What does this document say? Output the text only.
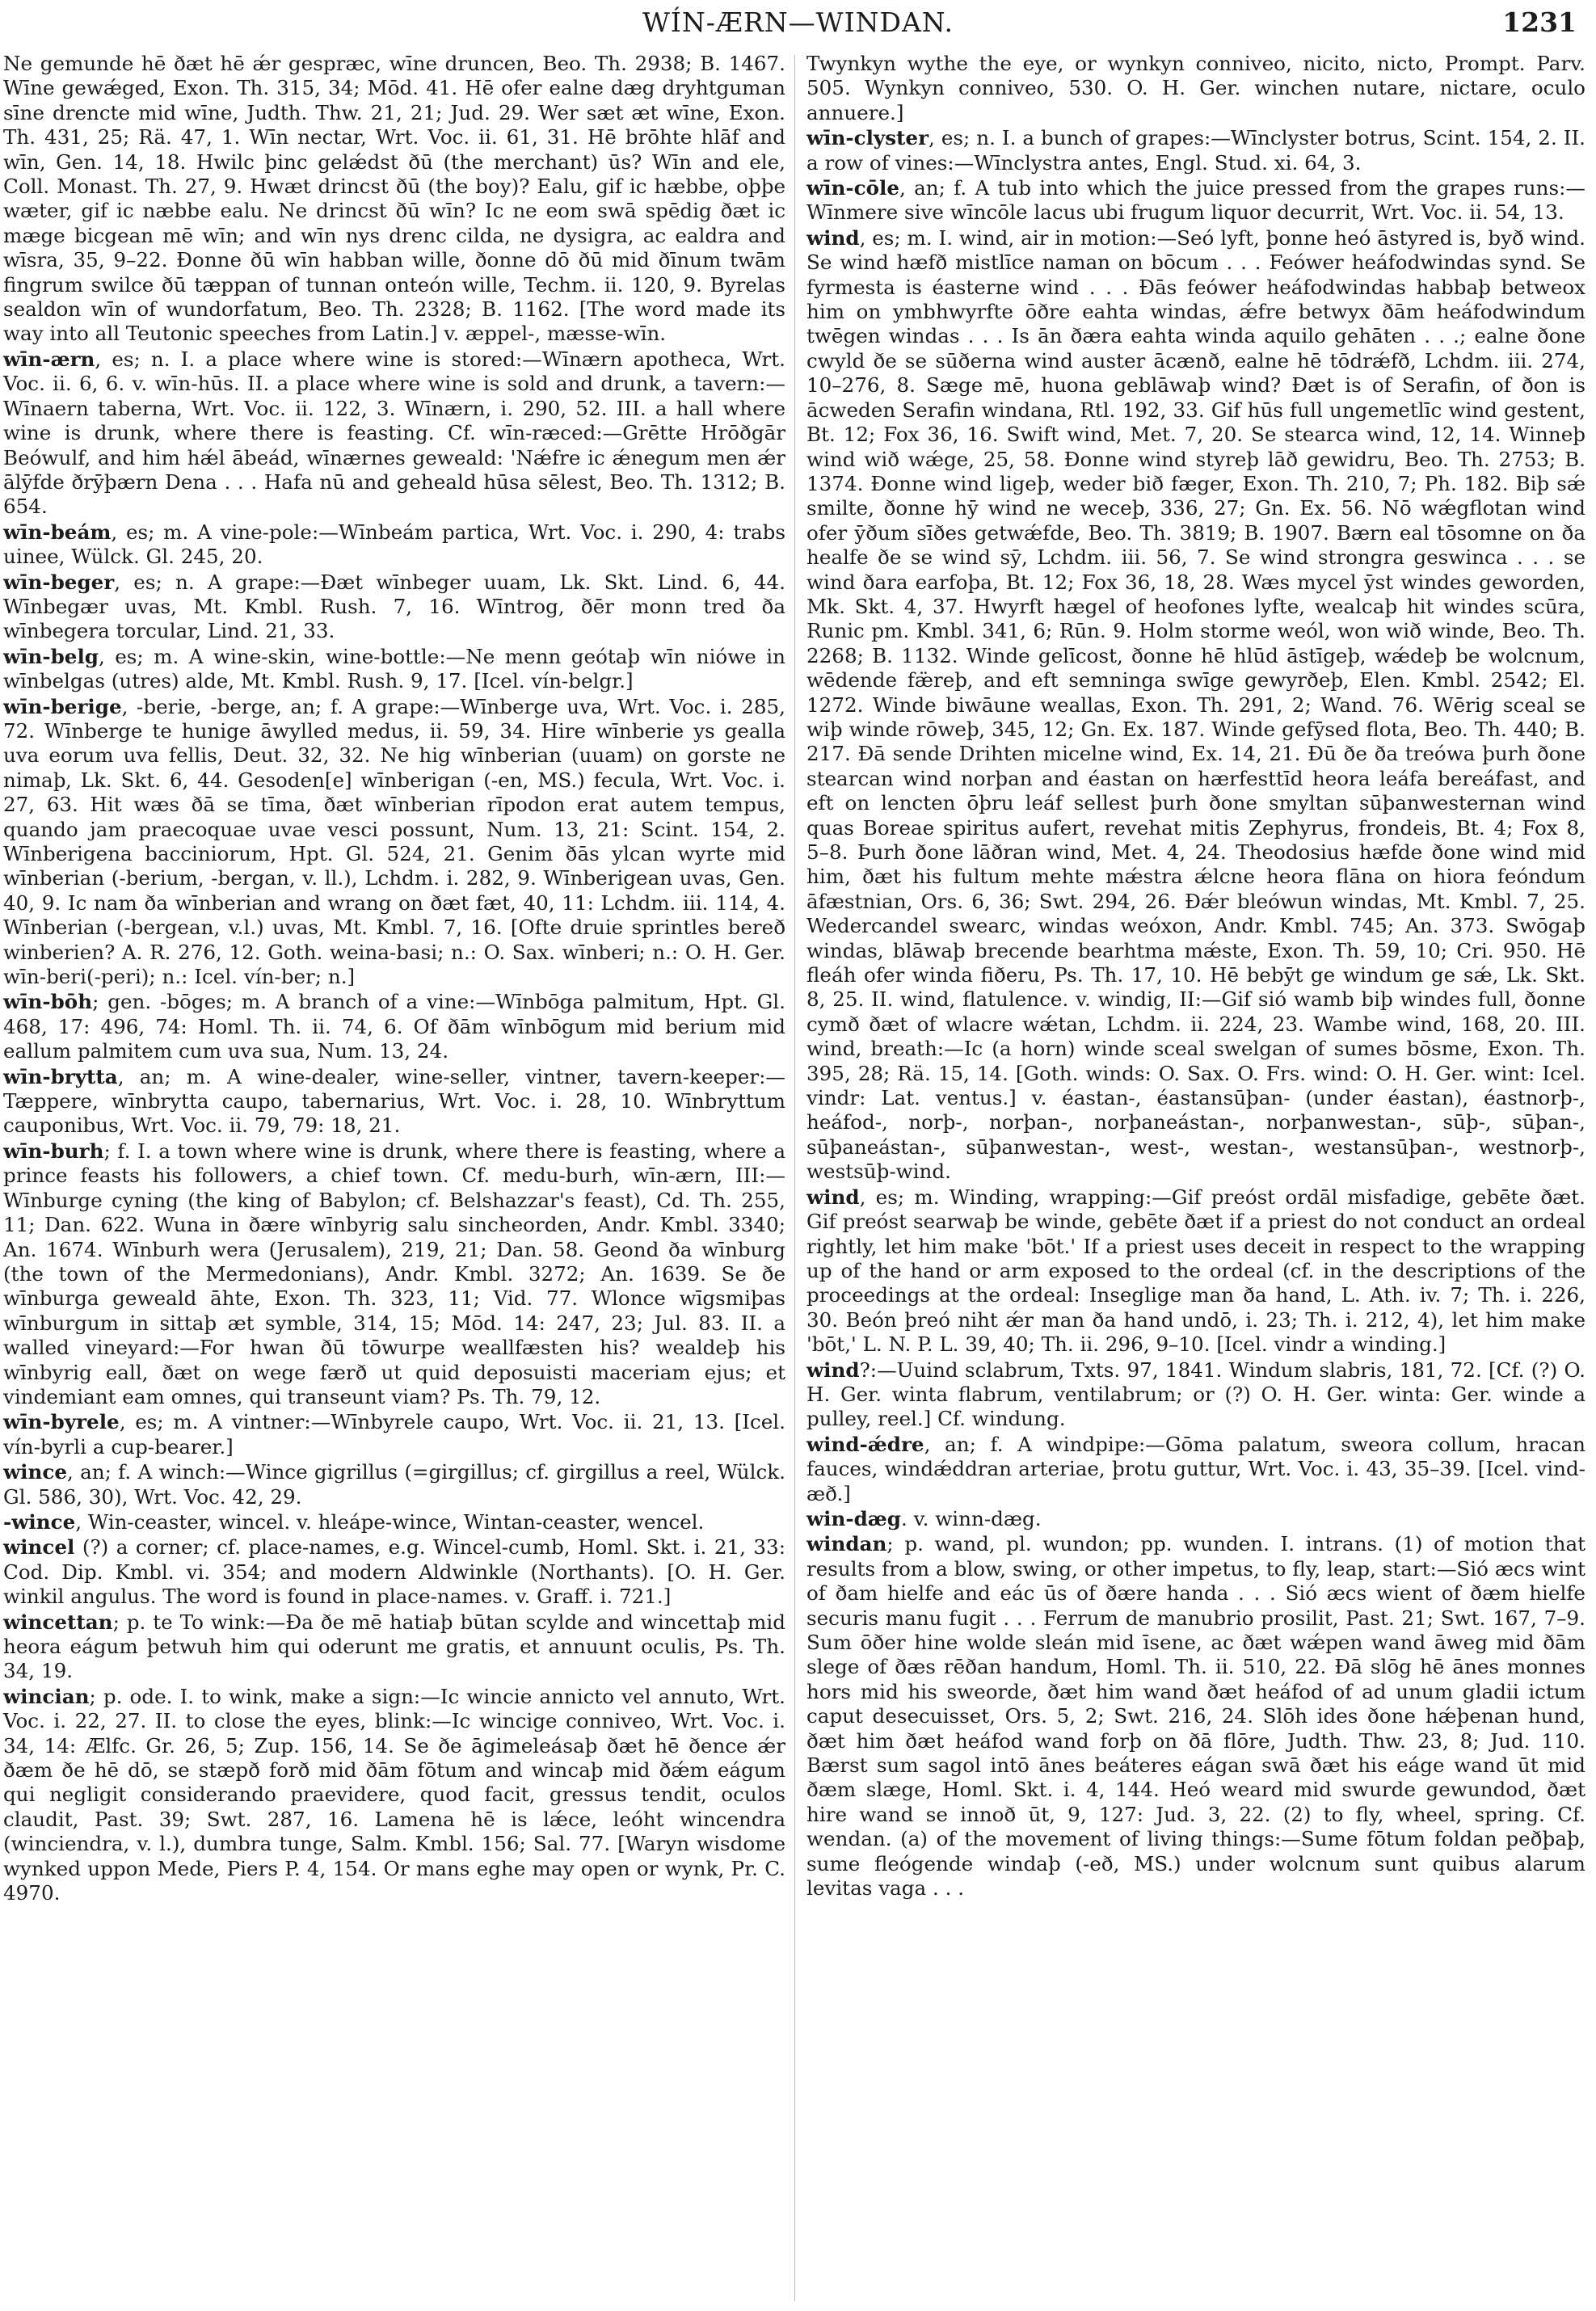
WÍN-ÆRN—WINDAN.	1231
Ne gemunde hē ðæt hē ǽr gespræc, wīne druncen, Beo. Th. 2938; B. 1467. Wīne gewǽged, Exon. Th. 315, 34; Mōd. 41. Hē ofer ealne dæg dryhtguman sīne drencte mid wīne, Judth. Thw. 21, 21; Jud. 29. Wer sæt æt wīne, Exon. Th. 431, 25; Rä. 47, 1. Wīn nectar, Wrt. Voc. ii. 61, 31. Hē brōhte hlāf and wīn, Gen. 14, 18. Hwilc þinc gelǽdst ðū (the merchant) ūs? Wīn and ele, Coll. Monast. Th. 27, 9. Hwæt drincst ðū (the boy)? Ealu, gif ic hæbbe, oþþe wæter, gif ic næbbe ealu. Ne drincst ðū wīn? Ic ne eom swā spēdig ðæt ic mæge bicgean mē wīn; and wīn nys drenc cilda, ne dysigra, ac ealdra and wīsra, 35, 9–22. Ðonne ðū wīn habban wille, ðonne dō ðū mid ðīnum twām fingrum swilce ðū tæppan of tunnan onteón wille, Techm. ii. 120, 9. Byrelas sealdon wīn of wundorfatum, Beo. Th. 2328; B. 1162. [The word made its way into all Teutonic speeches from Latin.] v. æppel-, mæsse-wīn.
wīn-ærn, es; n. I. a place where wine is stored:—Wīnærn apotheca, Wrt. Voc. ii. 6, 6. v. wīn-hūs. II. a place where wine is sold and drunk, a tavern:—Wīnaern taberna, Wrt. Voc. ii. 122, 3. Wīnærn, i. 290, 52. III. a hall where wine is drunk, where there is feasting. Cf. wīn-ræced:—Grētte Hrōðgār Beówulf, and him hǽl ābeád, wīnærnes geweald: 'Nǽfre ic ǽnegum men ǽr ālȳfde ðrȳþærn Dena . . . Hafa nū and geheald hūsa sēlest, Beo. Th. 1312; B. 654.
wīn-beám, es; m. A vine-pole:—Wīnbeám partica, Wrt. Voc. i. 290, 4: trabs uinee, Wülck. Gl. 245, 20.
wīn-beger, es; n. A grape:—Ðæt wīnbeger uuam, Lk. Skt. Lind. 6, 44. Wīnbegær uvas, Mt. Kmbl. Rush. 7, 16. Wīntrog, ðēr monn tred ða wīnbegera torcular, Lind. 21, 33.
wīn-belg, es; m. A wine-skin, wine-bottle:—Ne menn geótaþ wīn niówe in wīnbelgas (utres) alde, Mt. Kmbl. Rush. 9, 17. [Icel. vín-belgr.]
wīn-berige, -berie, -berge, an; f. A grape:—Wīnberge uva, Wrt. Voc. i. 285, 72. Wīnberge te hunige āwylled medus, ii. 59, 34. Hire wīnberie ys gealla uva eorum uva fellis, Deut. 32, 32. Ne hig wīnberian (uuam) on gorste ne nimaþ, Lk. Skt. 6, 44. Gesoden[e] wīnberigan (-en, MS.) fecula, Wrt. Voc. i. 27, 63. Hit wæs ðā se tīma, ðæt wīnberian rīpodon erat autem tempus, quando jam praecoquae uvae vesci possunt, Num. 13, 21: Scint. 154, 2. Wīnberigena bacciniorum, Hpt. Gl. 524, 21. Genim ðās ylcan wyrte mid wīnberian (-berium, -bergan, v. ll.), Lchdm. i. 282, 9. Wīnberigean uvas, Gen. 40, 9. Ic nam ða wīnberian and wrang on ðæt fæt, 40, 11: Lchdm. iii. 114, 4. Wīnberian (-bergean, v.l.) uvas, Mt. Kmbl. 7, 16. [Ofte druie sprintles bereð winberien? A. R. 276, 12. Goth. weina-basi; n.: O. Sax. wīnberi; n.: O. H. Ger. wīn-beri(-peri); n.: Icel. vín-ber; n.]
wīn-bōh; gen. -bōges; m. A branch of a vine:—Wīnbōga palmitum, Hpt. Gl. 468, 17: 496, 74: Homl. Th. ii. 74, 6. Of ðām wīnbōgum mid berium mid eallum palmitem cum uva sua, Num. 13, 24.
wīn-brytta, an; m. A wine-dealer, wine-seller, vintner, tavern-keeper:—Tæppere, wīnbrytta caupo, tabernarius, Wrt. Voc. i. 28, 10. Wīnbryttum cauponibus, Wrt. Voc. ii. 79, 79: 18, 21.
wīn-burh; f. I. a town where wine is drunk, where there is feasting, where a prince feasts his followers, a chief town. Cf. medu-burh, wīn-ærn, III:—Wīnburge cyning (the king of Babylon; cf. Belshazzar's feast), Cd. Th. 255, 11; Dan. 622. Wuna in ðære wīnbyrig salu sincheorden, Andr. Kmbl. 3340; An. 1674. Wīnburh wera (Jerusalem), 219, 21; Dan. 58. Geond ða wīnburg (the town of the Mermedonians), Andr. Kmbl. 3272; An. 1639. Se ðe wīnburga geweald āhte, Exon. Th. 323, 11; Vid. 77. Wlonce wīgsmiþas wīnburgum in sittaþ æt symble, 314, 15; Mōd. 14: 247, 23; Jul. 83. II. a walled vineyard:—For hwan ðū tōwurpe weallfæsten his? wealdeþ his wīnbyrig eall, ðæt on wege færð ut quid deposuisti maceriam ejus; et vindemiant eam omnes, qui transeunt viam? Ps. Th. 79, 12.
wīn-byrele, es; m. A vintner:—Wīnbyrele caupo, Wrt. Voc. ii. 21, 13. [Icel. vín-byrli a cup-bearer.]
wince, an; f. A winch:—Wince gigrillus (=girgillus; cf. girgillus a reel, Wülck. Gl. 586, 30), Wrt. Voc. 42, 29.
-wince, Win-ceaster, wincel. v. hleápe-wince, Wintan-ceaster, wencel.
wincel (?) a corner; cf. place-names, e.g. Wincel-cumb, Homl. Skt. i. 21, 33: Cod. Dip. Kmbl. vi. 354; and modern Aldwinkle (Northants). [O. H. Ger. winkil angulus. The word is found in place-names. v. Graff. i. 721.]
wincettan; p. te To wink:—Ða ðe mē hatiaþ būtan scylde and wincettaþ mid heora eágum þetwuh him qui oderunt me gratis, et annuunt oculis, Ps. Th. 34, 19.
wincian; p. ode. I. to wink, make a sign:—Ic wincie annicto vel annuto, Wrt. Voc. i. 22, 27. II. to close the eyes, blink:—Ic wincige conniveo, Wrt. Voc. i. 34, 14: Ælfc. Gr. 26, 5; Zup. 156, 14. Se ðe āgimeleásaþ ðæt hē ðence ǽr ðæm ðe hē dō, se stæpð forð mid ðām fōtum and wincaþ mid ðǽm eágum qui negligit considerando praevidere, quod facit, gressus tendit, oculos claudit, Past. 39; Swt. 287, 16. Lamena hē is lǽce, leóht wincendra (winciendra, v. l.), dumbra tunge, Salm. Kmbl. 156; Sal. 77. [Waryn wisdome wynked uppon Mede, Piers P. 4, 154. Or mans eghe may open or wynk, Pr. C. 4970.
Twynkyn wythe the eye, or wynkyn conniveo, nicito, nicto, Prompt. Parv. 505. Wynkyn conniveo, 530. O. H. Ger. winchen nutare, nictare, oculo annuere.]
wīn-clyster, es; n. I. a bunch of grapes:—Wīnclyster botrus, Scint. 154, 2. II. a row of vines:—Wīnclystra antes, Engl. Stud. xi. 64, 3.
wīn-cōle, an; f. A tub into which the juice pressed from the grapes runs:—Wīnmere sive wīncōle lacus ubi frugum liquor decurrit, Wrt. Voc. ii. 54, 13.
wind, es; m. I. wind, air in motion:—Seó lyft, þonne heó āstyred is, byð wind. Se wind hæfð mistlīce naman on bōcum . . . Feówer heáfodwindas synd. Se fyrmesta is éasterne wind . . . Ðās feówer heáfodwindas habbaþ betweox him on ymbhwyrfte ōðre eahta windas, ǽfre betwyx ðām heáfodwindum twēgen windas . . . Is ān ðæra eahta winda aquilo gehāten . . .; ealne ðone cwyld ðe se sūðerna wind auster ācænð, ealne hē tōdrǽfð, Lchdm. iii. 274, 10–276, 8. Sæge mē, huona geblāwaþ wind? Ðæt is of Serafin, of ðon is ācweden Serafin windana, Rtl. 192, 33. Gif hūs full ungemetlīc wind gestent, Bt. 12; Fox 36, 16. Swift wind, Met. 7, 20. Se stearca wind, 12, 14. Winneþ wind wið wǽge, 25, 58. Ðonne wind styreþ lāð gewidru, Beo. Th. 2753; B. 1374. Ðonne wind ligeþ, weder bið fæger, Exon. Th. 210, 7; Ph. 182. Biþ sǽ smilte, ðonne hȳ wind ne weceþ, 336, 27; Gn. Ex. 56. Nō wǽgflotan wind ofer ȳðum sīðes getwǽfde, Beo. Th. 3819; B. 1907. Bærn eal tōsomne on ða healfe ðe se wind sȳ, Lchdm. iii. 56, 7. Se wind strongra geswinca . . . se wind ðara earfoþa, Bt. 12; Fox 36, 18, 28. Wæs mycel ȳst windes geworden, Mk. Skt. 4, 37. Hwyrft hægel of heofones lyfte, wealcaþ hit windes scūra, Runic pm. Kmbl. 341, 6; Rūn. 9. Holm storme weól, won wið winde, Beo. Th. 2268; B. 1132. Winde gelīcost, ðonne hē hlūd āstīgeþ, wǽdeþ be wolcnum, wēdende fæ̈reþ, and eft semninga swīge gewyrðeþ, Elen. Kmbl. 2542; El. 1272. Winde biwāune weallas, Exon. Th. 291, 2; Wand. 76. Wērig sceal se wiþ winde rōweþ, 345, 12; Gn. Ex. 187. Winde gefȳsed flota, Beo. Th. 440; B. 217. Ðā sende Drihten micelne wind, Ex. 14, 21. Ðū ðe ða treówa þurh ðone stearcan wind norþan and éastan on hærfesttīd heora leáfa bereáfast, and eft on lencten ōþru leáf sellest þurh ðone smyltan sūþanwesternan wind quas Boreae spiritus aufert, revehat mitis Zephyrus, frondeis, Bt. 4; Fox 8, 5–8. Þurh ðone lāðran wind, Met. 4, 24. Theodosius hæfde ðone wind mid him, ðæt his fultum mehte mǽstra ǽlcne heora flāna on hiora feóndum āfæstnian, Ors. 6, 36; Swt. 294, 26. Ðǽr bleówun windas, Mt. Kmbl. 7, 25. Wedercandel swearc, windas weóxon, Andr. Kmbl. 745; An. 373. Swōgaþ windas, blāwaþ brecende bearhtma mǽste, Exon. Th. 59, 10; Cri. 950. Hē fleáh ofer winda fiðeru, Ps. Th. 17, 10. Hē bebȳt ge windum ge sǽ, Lk. Skt. 8, 25. II. wind, flatulence. v. windig, II:—Gif sió wamb biþ windes full, ðonne cymð ðæt of wlacre wǽtan, Lchdm. ii. 224, 23. Wambe wind, 168, 20. III. wind, breath:—Ic (a horn) winde sceal swelgan of sumes bōsme, Exon. Th. 395, 28; Rä. 15, 14. [Goth. winds: O. Sax. O. Frs. wind: O. H. Ger. wint: Icel. vindr: Lat. ventus.] v. éastan-, éastansūþan- (under éastan), éastnorþ-, heáfod-, norþ-, norþan-, norþaneástan-, norþanwestan-, sūþ-, sūþan-, sūþaneástan-, sūþanwestan-, west-, westan-, westansūþan-, westnorþ-, westsūþ-wind.
wind, es; m. Winding, wrapping:—Gif preóst ordāl misfadige, gebēte ðæt. Gif preóst searwaþ be winde, gebēte ðæt if a priest do not conduct an ordeal rightly, let him make 'bōt.' If a priest uses deceit in respect to the wrapping up of the hand or arm exposed to the ordeal (cf. in the descriptions of the proceedings at the ordeal: Inseglige man ða hand, L. Ath. iv. 7; Th. i. 226, 30. Beón þreó niht ǽr man ða hand undō, i. 23; Th. i. 212, 4), let him make 'bōt,' L. N. P. L. 39, 40; Th. ii. 296, 9–10. [Icel. vindr a winding.]
wind?:—Uuind sclabrum, Txts. 97, 1841. Windum slabris, 181, 72. [Cf. (?) O. H. Ger. winta flabrum, ventilabrum; or (?) O. H. Ger. winta: Ger. winde a pulley, reel.] Cf. windung.
wind-ǽdre, an; f. A windpipe:—Gōma palatum, sweora collum, hracan fauces, windǽddran arteriae, þrotu guttur, Wrt. Voc. i. 43, 35–39. [Icel. vind-æð.]
win-dæg. v. winn-dæg.
windan; p. wand, pl. wundon; pp. wunden. I. intrans. (1) of motion that results from a blow, swing, or other impetus, to fly, leap, start:—Sió æcs wint of ðam hielfe and eác ūs of ðære handa . . . Sió æcs wient of ðæm hielfe securis manu fugit . . . Ferrum de manubrio prosilit, Past. 21; Swt. 167, 7–9. Sum ōðer hine wolde sleán mid īsene, ac ðæt wǽpen wand āweg mid ðām slege of ðæs rēðan handum, Homl. Th. ii. 510, 22. Ðā slōg hē ānes monnes hors mid his sweorde, ðæt him wand ðæt heáfod of ad unum gladii ictum caput desecuisset, Ors. 5, 2; Swt. 216, 24. Slōh ides ðone hǽþenan hund, ðæt him ðæt heáfod wand forþ on ðā flōre, Judth. Thw. 23, 8; Jud. 110. Bærst sum sagol intō ānes beáteres eágan swā ðæt his eáge wand ūt mid ðæm slæge, Homl. Skt. i. 4, 144. Heó weard mid swurde gewundod, ðæt hire wand se innoð ūt, 9, 127: Jud. 3, 22. (2) to fly, wheel, spring. Cf. wendan. (a) of the movement of living things:—Sume fōtum foldan peðþaþ, sume fleógende windaþ (-eð, MS.) under wolcnum sunt quibus alarum levitas vaga . . .
